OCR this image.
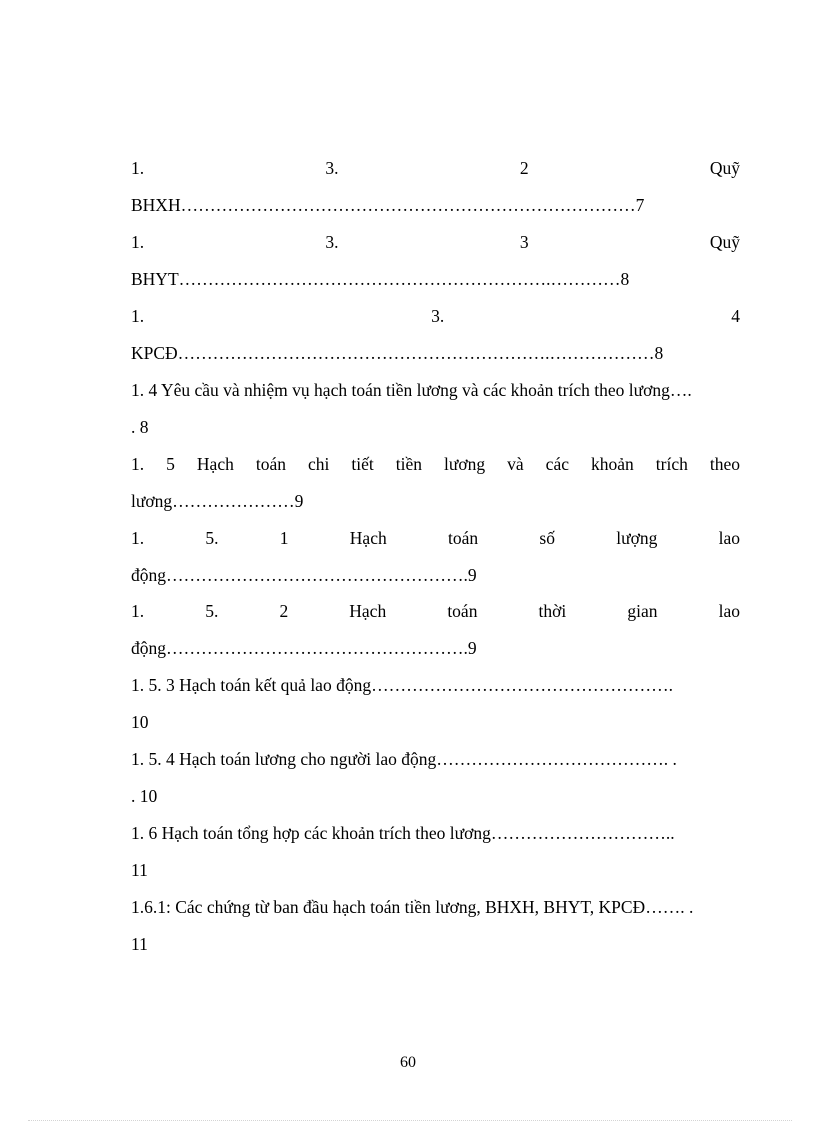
1.	3.	2	Quỹ
BHXH……………………………………………………………………7
1.	3.	3	Quỹ
BHYT……………………………………………………….…………8
1.	3.	4
KPCĐ……………………………………………………….………………8
1. 4 Yêu cầu và nhiệm vụ hạch toán tiền lương và các khoản trích theo lương….
. 8
1. 5 Hạch toán chi tiết tiền lương và các khoản trích theo
lương…………………9
1.	5.	1	Hạch	toán	số	lượng	lao
động…………………………………………….9
1.	5.	2	Hạch	toán	thời	gian	lao
động…………………………………………….9
1. 5. 3 Hạch toán kết quả lao động…………………………………………….
10
1. 5. 4 Hạch toán lương cho người lao động…………………………………. .
. 10
1. 6 Hạch toán tổng hợp các khoản trích theo lương…………………………..
11
1.6.1: Các chứng từ ban đầu hạch toán tiền lương, BHXH, BHYT, KPCĐ……. .
11
60
